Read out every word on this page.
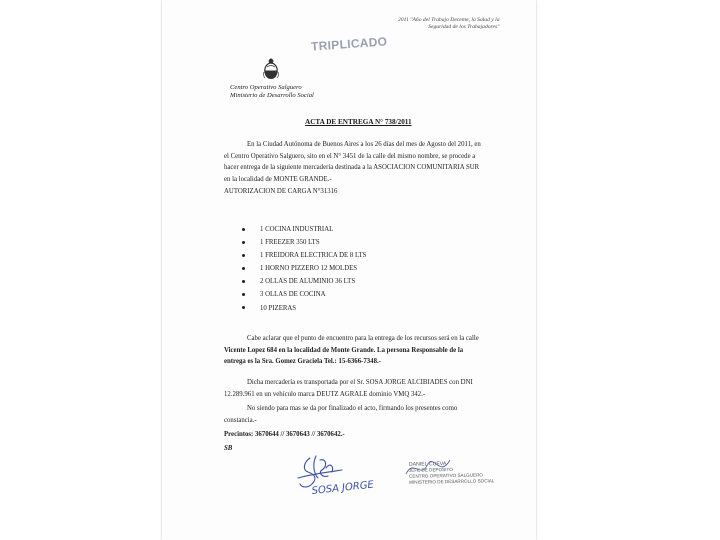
2011 "Año del Trabajo Decente, la Salud y la
Seguridad de los Trabajadores"
TRIPLICADO
Centro Operativo Salguero
Ministerio de Desarrollo Social
ACTA DE ENTREGA N° 738/2011
En la Ciudad Autónoma de Buenos Aires a los 26 días del mes de Agosto del 2011, en
el Centro Operativo Salguero, sito en el N° 3451 de la calle del mismo nombre, se procede a
hacer entrega de la siguiente mercadería destinada a la ASOCIACION COMUNITARIA SUR
en la localidad de MONTE GRANDE.-
AUTORIZACION DE CARGA N°31316
1 COCINA INDUSTRIAL
1 FREEZER 350 LTS
1 FREIDORA ELECTRICA DE 8 LTS
1 HORNO PIZZERO 12 MOLDES
2 OLLAS DE ALUMINIO 36 LTS
3 OLLAS DE COCINA
10 PIZERAS
Cabe aclarar que el punto de encuentro para la entrega de los recursos será en la calle
Vicente Lopez 684 en la localidad de Monte Grande. La persona Responsable de la
entrega es la Sra. Gomez Graciela Tel.: 15-6366-7348.-
Dicha mercadería es transportada por el Sr. SOSA JORGE ALCIBIADES con DNI
12.289.961 en un vehículo marca DEUTZ AGRALE dominio VMQ 342.-
No siendo para mas se da por finalizado el acto, firmando los presentes como
constancia.-
Precintos: 3670644 // 3670643 // 3670642.-
SB
SOSA JORGE
DANIEL CUEVA
JEFE DE DEPOSITO
CENTRO OPERATIVO SALGUERO
MINISTERIO DE DESARROLLO SOCIAL
